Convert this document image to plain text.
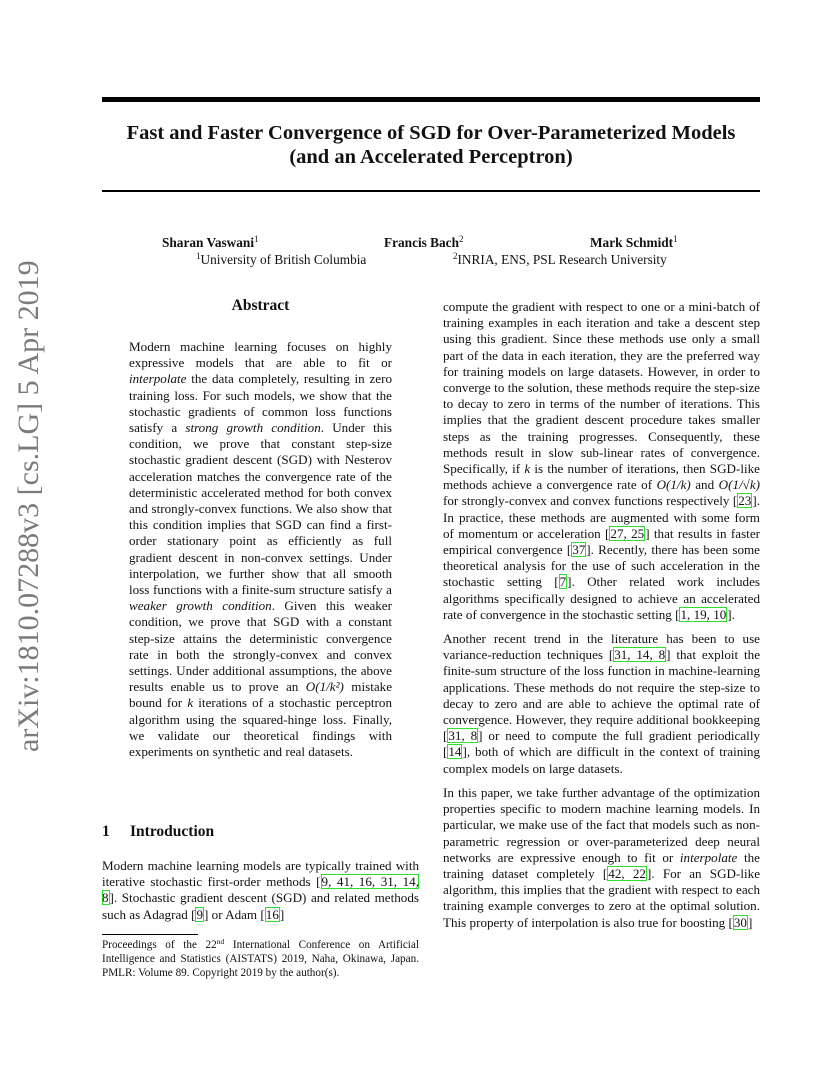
Fast and Faster Convergence of SGD for Over-Parameterized Models
(and an Accelerated Perceptron)
Sharan Vaswani$^1$	Francis Bach$^2$	Mark Schmidt$^1$
$^1$University of British Columbia	$^2$INRIA, ENS, PSL Research University
arXiv:1810.07288v3 [cs.LG] 5 Apr 2019	Abstract
Modern machine learning focuses on highly expressive models that are able to fit or interpolate the data completely, resulting in zero training loss. For such models, we show that the stochastic gradients of common loss functions satisfy a strong growth condition. Under this condition, we prove that constant step-size stochastic gradient descent (SGD) with Nesterov acceleration matches the convergence rate of the deterministic accelerated method for both convex and strongly-convex functions. We also show that this condition implies that SGD can find a first-order stationary point as efficiently as full gradient descent in non-convex settings. Under interpolation, we further show that all smooth loss functions with a finite-sum structure satisfy a weaker growth condition. Given this weaker condition, we prove that SGD with a constant step-size attains the deterministic convergence rate in both the strongly-convex and convex settings. Under additional assumptions, the above results enable us to prove an O(1/k²) mistake bound for k iterations of a stochastic perceptron algorithm using the squared-hinge loss. Finally, we validate our theoretical findings with experiments on synthetic and real datasets.
1 Introduction
Modern machine learning models are typically trained with iterative stochastic first-order methods [9, 41, 16, 31, 14, 8]. Stochastic gradient descent (SGD) and related methods such as Adagrad [9] or Adam [16]
Proceedings of the 22nd International Conference on Artificial Intelligence and Statistics (AISTATS) 2019, Naha, Okinawa, Japan. PMLR: Volume 89. Copyright 2019 by the author(s).

compute the gradient with respect to one or a mini-batch of training examples in each iteration and take a descent step using this gradient. Since these methods use only a small part of the data in each iteration, they are the preferred way for training models on large datasets. However, in order to converge to the solution, these methods require the step-size to decay to zero in terms of the number of iterations. This implies that the gradient descent procedure takes smaller steps as the training progresses. Consequently, these methods result in slow sub-linear rates of convergence. Specifically, if k is the number of iterations, then SGD-like methods achieve a convergence rate of O(1/k) and O(1/√k) for strongly-convex and convex functions respectively [23]. In practice, these methods are augmented with some form of momentum or acceleration [27, 25] that results in faster empirical convergence [37]. Recently, there has been some theoretical analysis for the use of such acceleration in the stochastic setting [7]. Other related work includes algorithms specifically designed to achieve an accelerated rate of convergence in the stochastic setting [1, 19, 10].

Another recent trend in the literature has been to use variance-reduction techniques [31, 14, 8] that exploit the finite-sum structure of the loss function in machine-learning applications. These methods do not require the step-size to decay to zero and are able to achieve the optimal rate of convergence. However, they require additional bookkeeping [31, 8] or need to compute the full gradient periodically [14], both of which are difficult in the context of training complex models on large datasets.

In this paper, we take further advantage of the optimization properties specific to modern machine learning models. In particular, we make use of the fact that models such as non-parametric regression or over-parameterized deep neural networks are expressive enough to fit or interpolate the training dataset completely [42, 22]. For an SGD-like algorithm, this implies that the gradient with respect to each training example converges to zero at the optimal solution. This property of interpolation is also true for boosting [30]
